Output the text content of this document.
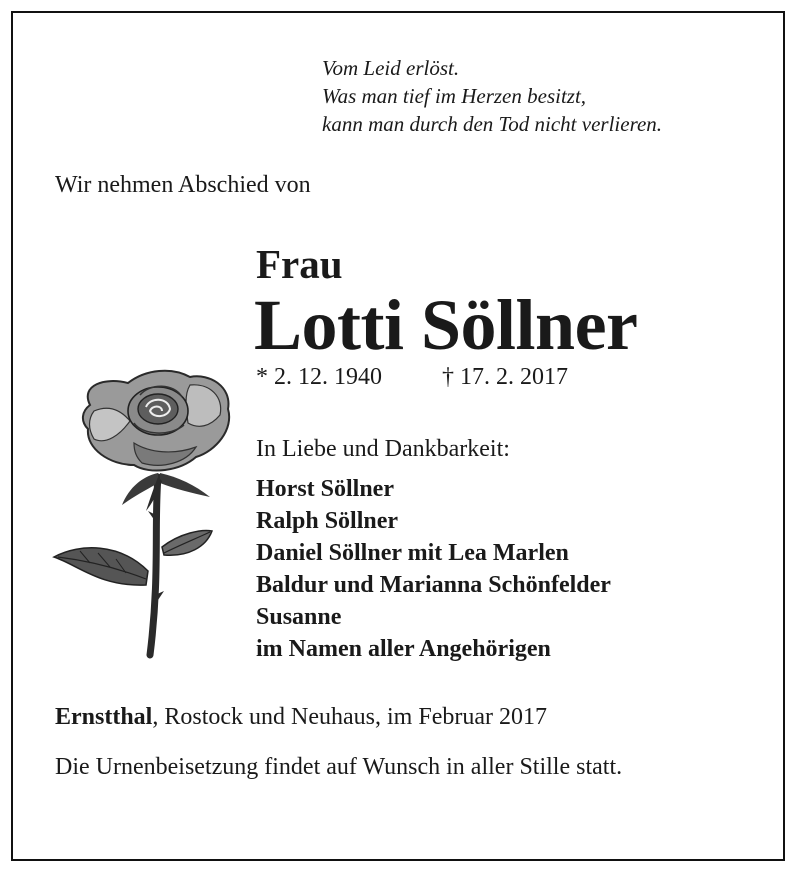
Vom Leid erlöst.
Was man tief im Herzen besitzt,
kann man durch den Tod nicht verlieren.
Wir nehmen Abschied von
Frau
Lotti Söllner
* 2. 12. 1940	† 17. 2. 2017
In Liebe und Dankbarkeit:
Horst Söllner
Ralph Söllner
Daniel Söllner mit Lea Marlen
Baldur und Marianna Schönfelder
Susanne
im Namen aller Angehörigen
Ernstthal, Rostock und Neuhaus, im Februar 2017
Die Urnenbeisetzung findet auf Wunsch in aller Stille statt.
